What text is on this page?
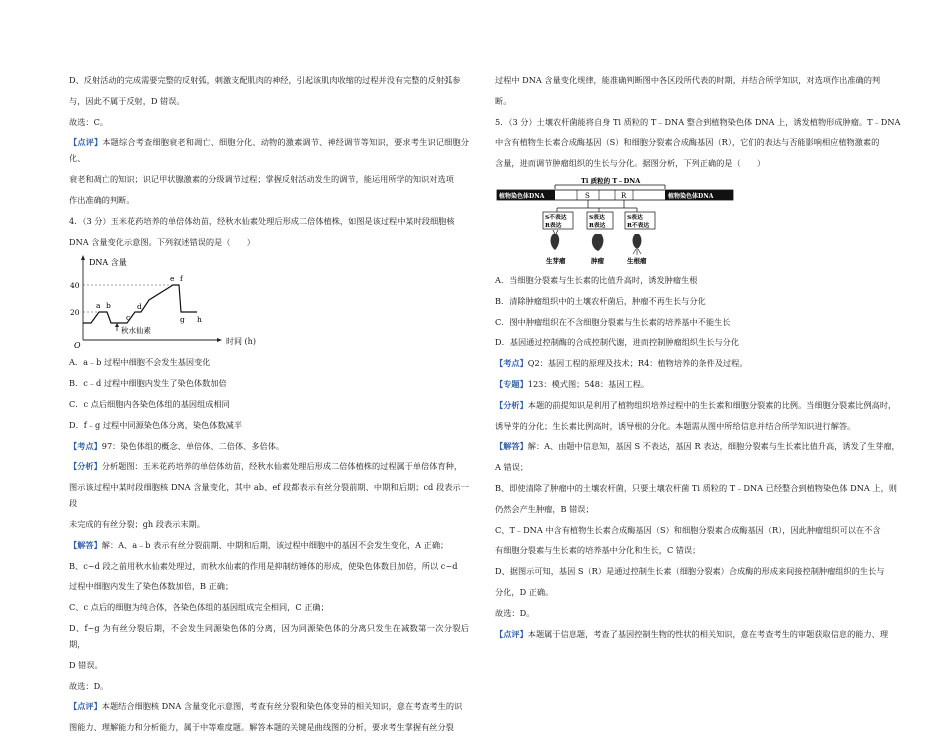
D、反射活动的完成需要完整的反射弧，刺激支配肌肉的神经，引起该肌肉收缩的过程并没有完整的反射弧参

与，因此不属于反射，D 错误。

故选：C。

【点评】本题综合考查细胞衰老和凋亡、细胞分化、动物的激素调节、神经调节等知识，要求考生识记细胞分化、

衰老和凋亡的知识；识记甲状腺激素的分级调节过程；掌握反射活动发生的调节，能运用所学的知识对选项

作出准确的判断。

4．（3 分）玉米花药培养的单倍体幼苗，经秋水仙素处理后形成二倍体植株，如图是该过程中某时段细胞核

DNA 含量变化示意图。下列叙述错误的是（　　）

DNA 含量
40
20
O
a b
c
d
e f
g h
秋水仙素
时间 (h)

A．a﹣b 过程中细胞不会发生基因变化

B．c﹣d 过程中细胞内发生了染色体数加倍

C．c 点后细胞内各染色体组的基因组成相同

D．f﹣g 过程中同源染色体分离，染色体数减半

【考点】97：染色体组的概念、单倍体、二倍体、多倍体。

【分析】分析题图：玉米花药培养的单倍体幼苗，经秋水仙素处理后形成二倍体植株的过程属于单倍体育种，

图示该过程中某时段细胞核 DNA 含量变化，其中 ab、ef 段都表示有丝分裂前期、中期和后期；cd 段表示一段

未完成的有丝分裂；gh 段表示末期。

【解答】解：A、a﹣b 表示有丝分裂前期、中期和后期，该过程中细胞中的基因不会发生变化，A 正确；

B、c~d 段之前用秋水仙素处理过，而秋水仙素的作用是抑制纺锤体的形成，使染色体数目加倍，所以 c~d

过程中细胞内发生了染色体数加倍，B 正确；

C、c 点后的细胞为纯合体，各染色体组的基因组成完全相同，C 正确；

D、f~g 为有丝分裂后期，不会发生同源染色体的分离，因为同源染色体的分离只发生在减数第一次分裂后期，

D 错误。

故选：D。

【点评】本题结合细胞核 DNA 含量变化示意图，考查有丝分裂和染色体变异的相关知识，意在考查考生的识

图能力、理解能力和分析能力，属于中等难度题。解答本题的关键是曲线图的分析，要求考生掌握有丝分裂

过程中 DNA 含量变化规律，能准确判断图中各区段所代表的时期，并结合所学知识，对选项作出准确的判

断。

5．（3 分）土壤农杆菌能将自身 Ti 质粒的 T﹣DNA 整合到植物染色体 DNA 上，诱发植物形成肿瘤。T﹣DNA

中含有植物生长素合成酶基因（S）和细胞分裂素合成酶基因（R），它们的表达与否能影响相应植物激素的

含量，进而调节肿瘤组织的生长与分化。据图分析，下列正确的是（　　）

Ti 质粒的 T﹣DNA
植物染色体DNA	植物染色体DNA
S	R
S不表达
R表达
S表达
R表达
S表达
R不表达
生芽瘤	肿瘤	生根瘤

A．当细胞分裂素与生长素的比值升高时，诱发肿瘤生根

B．清除肿瘤组织中的土壤农杆菌后，肿瘤不再生长与分化

C．图中肿瘤组织在不含细胞分裂素与生长素的培养基中不能生长

D．基因通过控制酶的合成控制代谢，进而控制肿瘤组织生长与分化

【考点】Q2：基因工程的原理及技术；R4：植物培养的条件及过程。

【专题】123：模式图；548：基因工程。

【分析】本题的前提知识是利用了植物组织培养过程中的生长素和细胞分裂素的比例。当细胞分裂素比例高时，

诱导芽的分化；生长素比例高时，诱导根的分化。本题需从图中所给信息并结合所学知识进行解答。

【解答】解：A、由题中信息知，基因 S 不表达，基因 R 表达，细胞分裂素与生长素比值升高，诱发了生芽瘤，

A 错误；

B、即使清除了肿瘤中的土壤农杆菌，只要土壤农杆菌 Ti 质粒的 T﹣DNA 已经整合到植物染色体 DNA 上，则

仍然会产生肿瘤，B 错误；

C、T﹣DNA 中含有植物生长素合成酶基因（S）和细胞分裂素合成酶基因（R），因此肿瘤组织可以在不含

有细胞分裂素与生长素的培养基中分化和生长，C 错误；

D、据图示可知，基因 S（R）是通过控制生长素（细胞分裂素）合成酶的形成来间接控制肿瘤组织的生长与

分化，D 正确。

故选：D。

【点评】本题属于信息题，考查了基因控制生物的性状的相关知识，意在考查考生的审题获取信息的能力、理
